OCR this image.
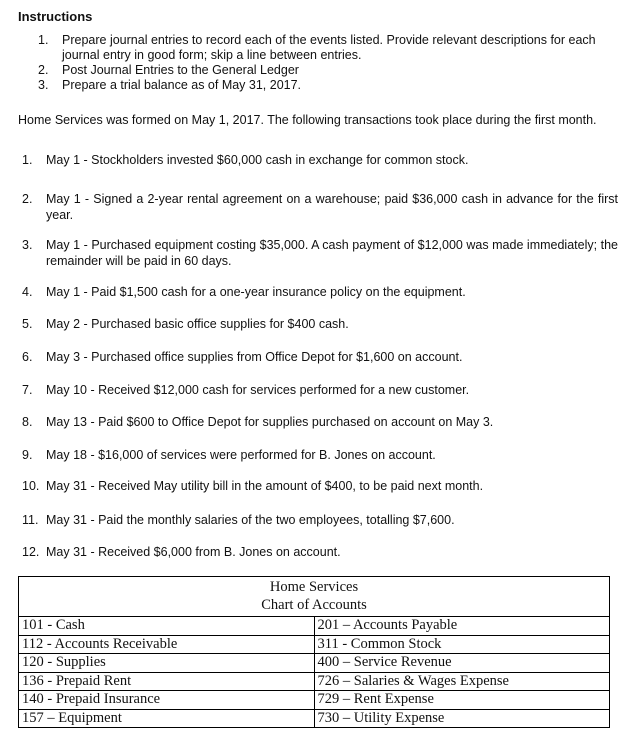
Instructions
1. Prepare journal entries to record each of the events listed. Provide relevant descriptions for each journal entry in good form; skip a line between entries.
2. Post Journal Entries to the General Ledger
3. Prepare a trial balance as of May 31, 2017.
Home Services was formed on May 1, 2017. The following transactions took place during the first month.
1. May 1 - Stockholders invested $60,000 cash in exchange for common stock.
2. May 1 - Signed a 2-year rental agreement on a warehouse; paid $36,000 cash in advance for the first year.
3. May 1 - Purchased equipment costing $35,000. A cash payment of $12,000 was made immediately; the remainder will be paid in 60 days.
4. May 1 - Paid $1,500 cash for a one-year insurance policy on the equipment.
5. May 2 - Purchased basic office supplies for $400 cash.
6. May 3 - Purchased office supplies from Office Depot for $1,600 on account.
7. May 10 - Received $12,000 cash for services performed for a new customer.
8. May 13 - Paid $600 to Office Depot for supplies purchased on account on May 3.
9. May 18 - $16,000 of services were performed for B. Jones on account.
10. May 31 - Received May utility bill in the amount of $400, to be paid next month.
11. May 31 - Paid the monthly salaries of the two employees, totalling $7,600.
12. May 31 - Received $6,000 from B. Jones on account.
Home Services
Chart of Accounts
101 - Cash	201 – Accounts Payable
112 - Accounts Receivable	311 - Common Stock
120 - Supplies	400 – Service Revenue
136 - Prepaid Rent	726 – Salaries & Wages Expense
140 - Prepaid Insurance	729 – Rent Expense
157 – Equipment	730 – Utility Expense
